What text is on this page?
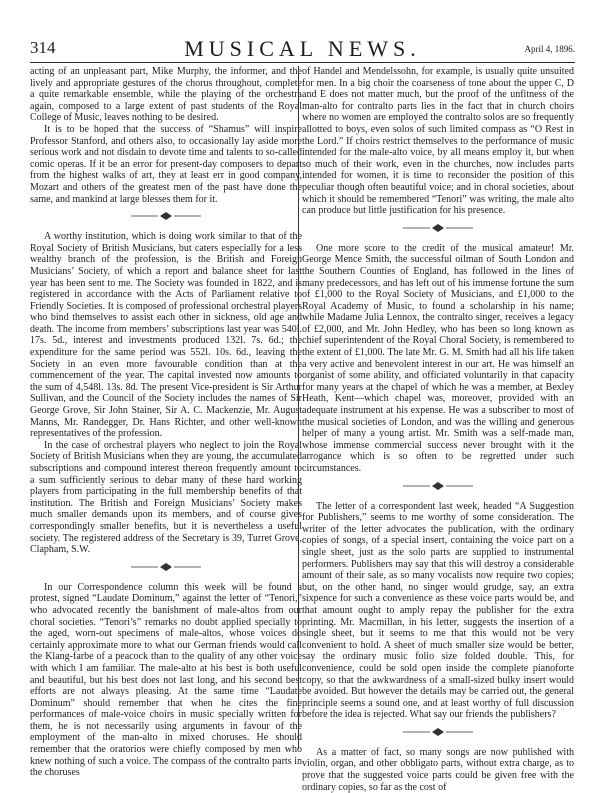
314	MUSICAL NEWS.	April 4, 1896.

acting of an unpleasant part, Mike Murphy, the informer, and the lively and appropriate gestures of the chorus throughout, complete a quite remarkable ensemble, while the playing of the orchestra again, composed to a large extent of past students of the Royal College of Music, leaves nothing to be desired.

It is to be hoped that the success of “Shamus” will inspire Professor Stanford, and others also, to occasionally lay aside more serious work and not disdain to devote time and talents to so-called comic operas. If it be an error for present-day composers to depart from the highest walks of art, they at least err in good company, Mozart and others of the greatest men of the past have done the same, and mankind at large blesses them for it.

A worthy institution, which is doing work similar to that of the Royal Society of British Musicians, but caters especially for a less wealthy branch of the profession, is the British and Foreign Musicians’ Society, of which a report and balance sheet for last year has been sent to me. The Society was founded in 1822, and is registered in accordance with the Acts of Parliament relative to Friendly Societies. It is composed of professional orchestral players who bind themselves to assist each other in sickness, old age and death. The income from members’ subscriptions last year was 540l. 17s. 5d., interest and investments produced 132l. 7s. 6d.; the expenditure for the same period was 552l. 10s. 6d., leaving the Society in an even more favourable condition than at the commencement of the year. The capital invested now amounts to the sum of 4,548l. 13s. 8d. The present Vice-president is Sir Arthur Sullivan, and the Council of the Society includes the names of Sir George Grove, Sir John Stainer, Sir A. C. Mackenzie, Mr. August Manns, Mr. Randegger, Dr. Hans Richter, and other well-known representatives of the profession.

In the case of orchestral players who neglect to join the Royal Society of British Musicians when they are young, the accumulated subscriptions and compound interest thereon frequently amount to a sum sufficiently serious to debar many of these hard working players from participating in the full membership benefits of that institution. The British and Foreign Musicians’ Society makes much smaller demands upon its members, and of course gives correspondingly smaller benefits, but it is nevertheless a useful society. The registered address of the Secretary is 39, Turret Grove, Clapham, S.W.

In our Correspondence column this week will be found a protest, signed “Laudate Dominum,” against the letter of “Tenori,” who advocated recently the banishment of male-altos from our choral societies. “Tenori’s” remarks no doubt applied specially to the aged, worn-out specimens of male-altos, whose voices do certainly approximate more to what our German friends would call the Klang-farbe of a peacock than to the quality of any other voice with which I am familiar. The male-alto at his best is both useful and beautiful, but his best does not last long, and his second best efforts are not always pleasing. At the same time “Laudate Dominum” should remember that when he cites the fine performances of male-voice choirs in music specially written for them, he is not necessarily using arguments in favour of the employment of the man-alto in mixed choruses. He should remember that the oratorios were chiefly composed by men who knew nothing of such a voice. The compass of the contralto parts in the choruses

of Handel and Mendelssohn, for example, is usually quite unsuited for men. In a big choir the coarseness of tone about the upper C, D and E does not matter much, but the proof of the unfitness of the man-alto for contralto parts lies in the fact that in church choirs where no women are employed the contralto solos are so frequently allotted to boys, even solos of such limited compass as “O Rest in the Lord.” If choirs restrict themselves to the performance of music intended for the male-alto voice, by all means employ it, but when so much of their work, even in the churches, now includes parts intended for women, it is time to reconsider the position of this peculiar though often beautiful voice; and in choral societies, about which it should be remembered “Tenori” was writing, the male alto can produce but little justification for his presence.

One more score to the credit of the musical amateur! Mr. George Mence Smith, the successful oilman of South London and the Southern Counties of England, has followed in the lines of many predecessors, and has left out of his immense fortune the sum of £1,000 to the Royal Society of Musicians, and £1,000 to the Royal Academy of Music, to found a scholarship in his name; while Madame Julia Lennox, the contralto singer, receives a legacy of £2,000, and Mr. John Hedley, who has been so long known as chief superintendent of the Royal Choral Society, is remembered to the extent of £1,000. The late Mr. G. M. Smith had all his life taken a very active and benevolent interest in our art. He was himself an organist of some ability, and officiated voluntarily in that capacity for many years at the chapel of which he was a member, at Bexley Heath, Kent—which chapel was, moreover, provided with an adequate instrument at his expense. He was a subscriber to most of the musical societies of London, and was the willing and generous helper of many a young artist. Mr. Smith was a self-made man, whose immense commercial success never brought with it the arrogance which is so often to be regretted under such circumstances.

The letter of a correspondent last week, headed “A Suggestion for Publishers,” seems to me worthy of some consideration. The writer of the letter advocates the publication, with the ordinary copies of songs, of a special insert, containing the voice part on a single sheet, just as the solo parts are supplied to instrumental performers. Publishers may say that this will destroy a considerable amount of their sale, as so many vocalists now require two copies; but, on the other hand, no singer would grudge, say, an extra sixpence for such a convenience as these voice parts would be, and that amount ought to amply repay the publisher for the extra printing. Mr. Macmillan, in his letter, suggests the insertion of a single sheet, but it seems to me that this would not be very convenient to hold. A sheet of much smaller size would be better, say the ordinary music folio size folded double. This, for convenience, could be sold open inside the complete pianoforte copy, so that the awkwardness of a small-sized bulky insert would be avoided. But however the details may be carried out, the general principle seems a sound one, and at least worthy of full discussion before the idea is rejected. What say our friends the publishers?

As a matter of fact, so many songs are now published with violin, organ, and other obbligato parts, without extra charge, as to prove that the suggested voice parts could be given free with the ordinary copies, so far as the cost of
